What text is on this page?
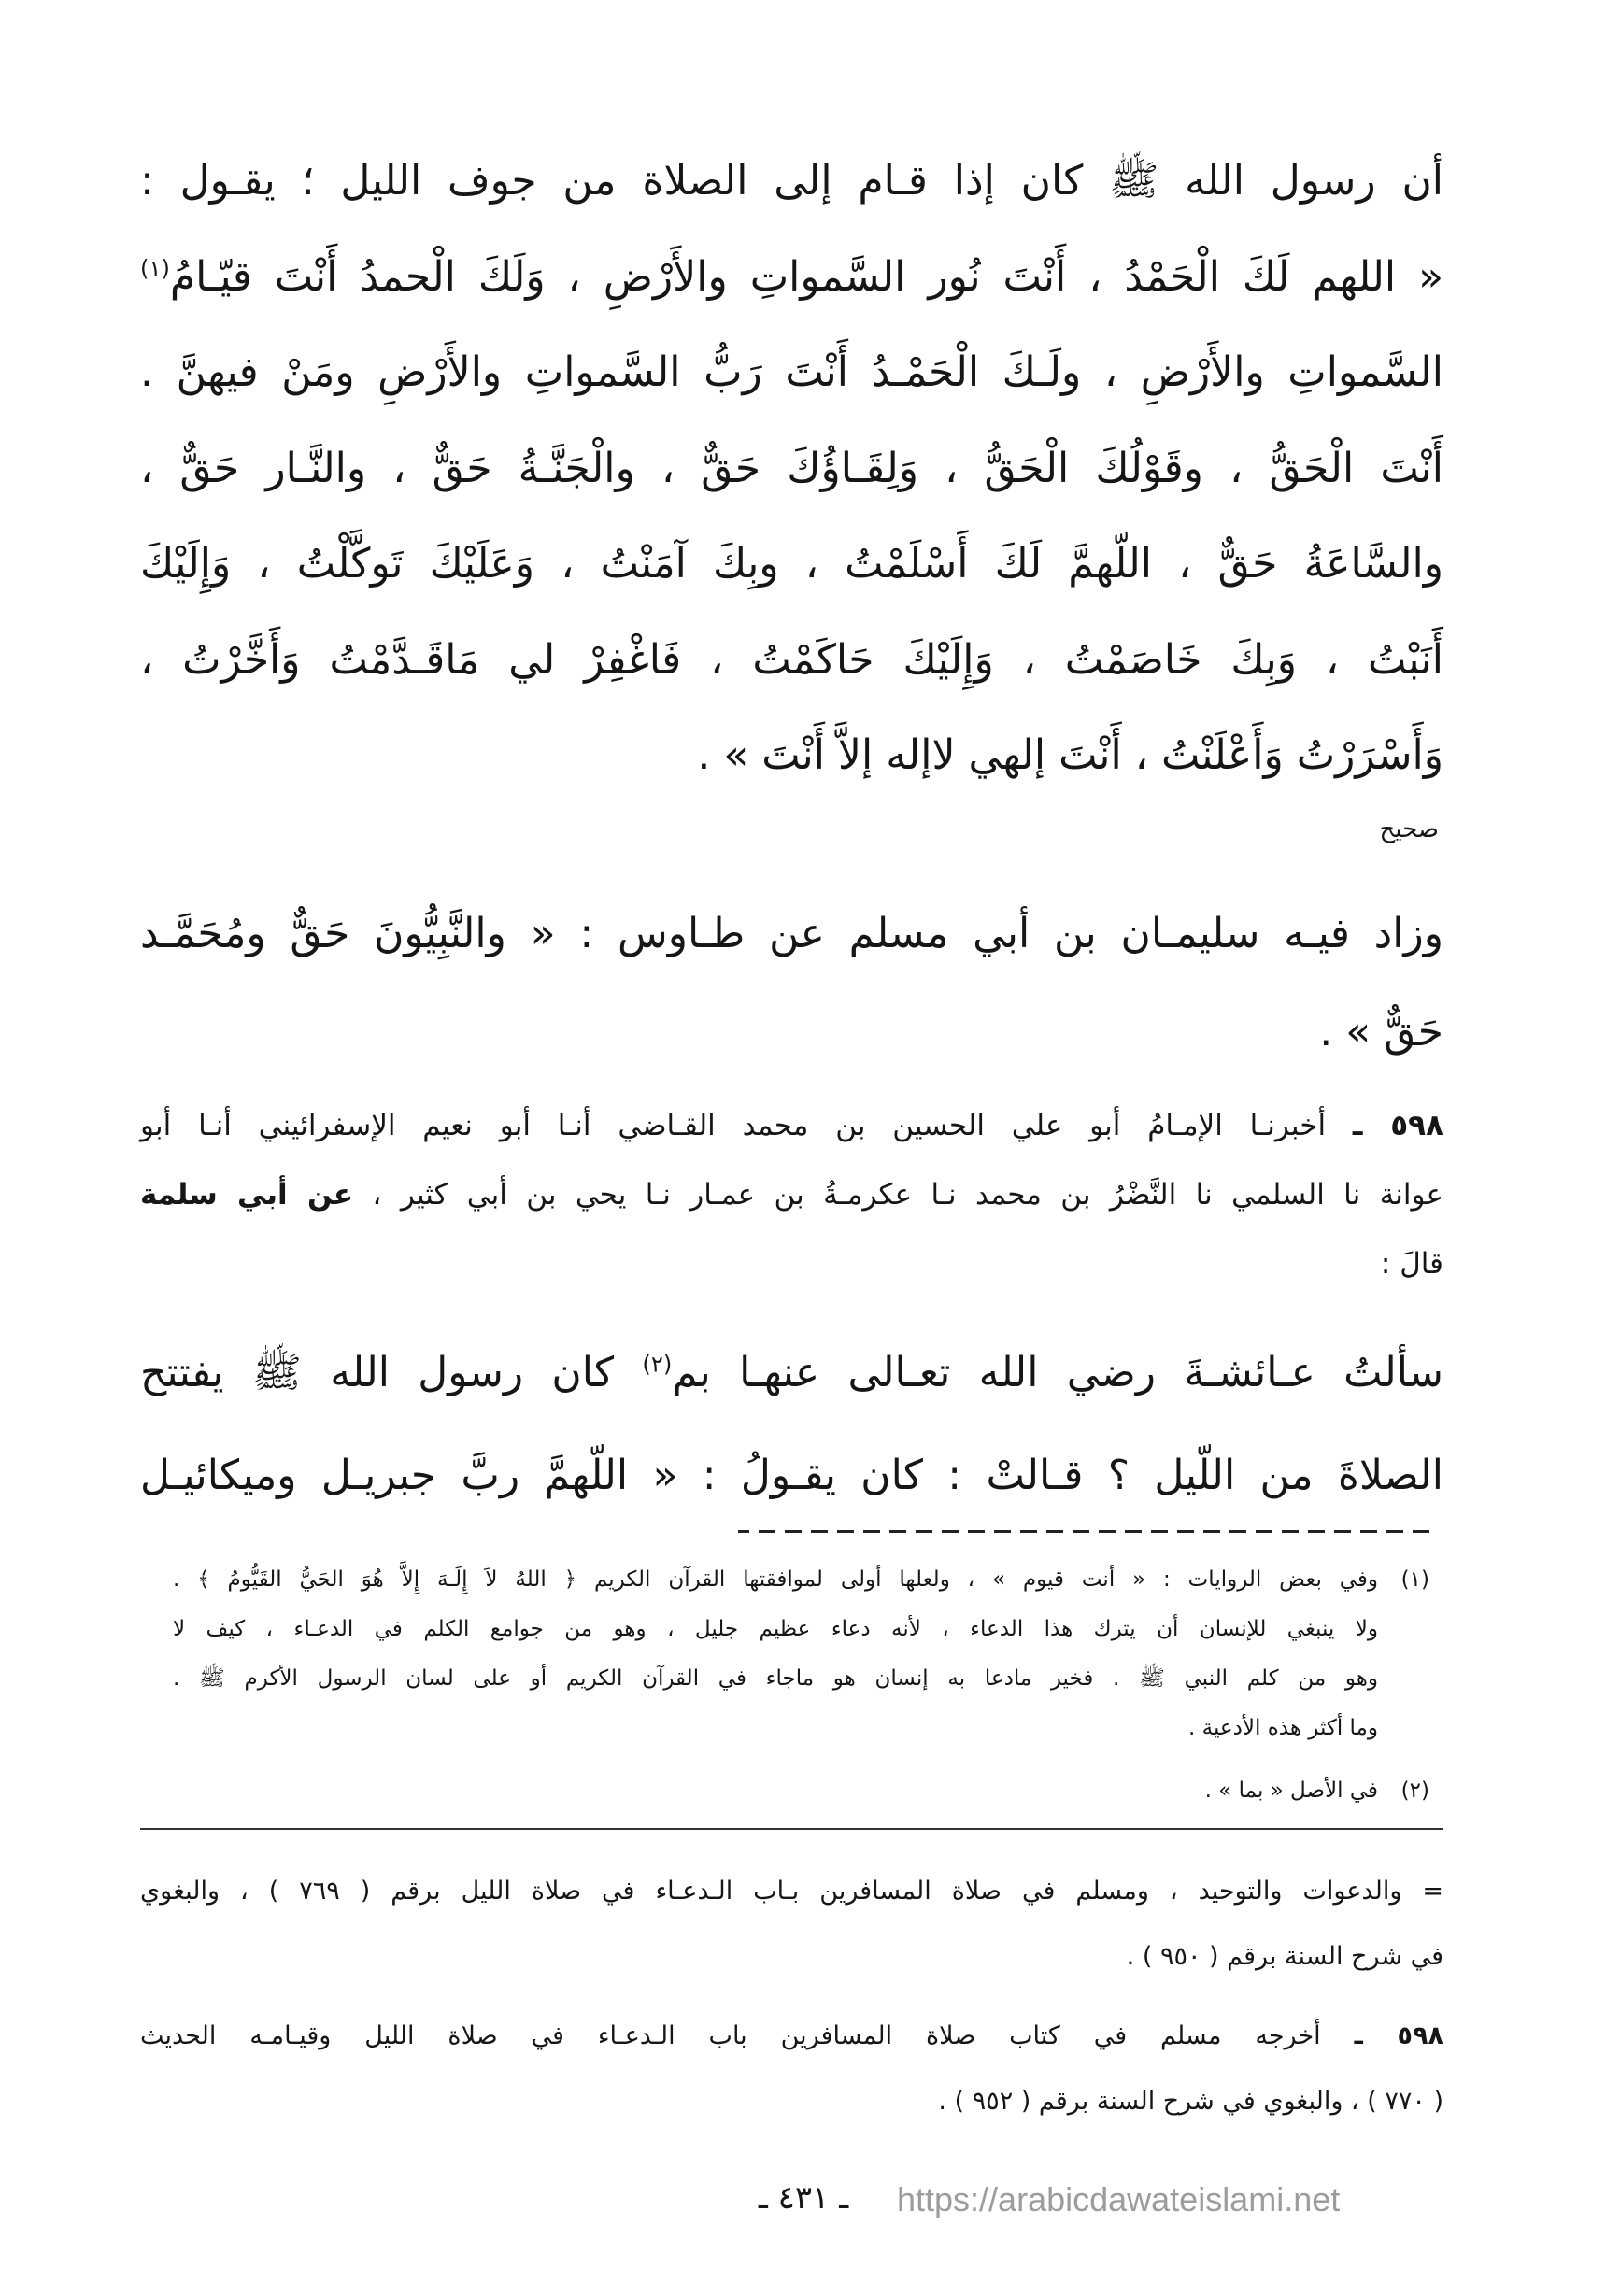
أن رسول الله ﷺ كان إذا قـام إلى الصلاة من جوف الليل ؛ يقـول :
« اللهم لَكَ الْحَمْدُ ، أَنْتَ نُور السَّمواتِ والأَرْضِ ، وَلَكَ الْحمدُ أَنْتَ قيّـامُ$^{(١)}$
السَّمواتِ والأَرْضِ ، ولَـكَ الْحَمْـدُ أَنْتَ رَبُّ السَّمواتِ والأَرْضِ ومَنْ فيهنَّ .
أَنْتَ الْحَقُّ ، وقَوْلُكَ الْحَقُّ ، وَلِقَـاؤُكَ حَقٌّ ، والْجَنَّـةُ حَقٌّ ، والنَّـار حَقٌّ ،
والسَّاعَةُ حَقٌّ ، اللّهمَّ لَكَ أَسْلَمْتُ ، وبِكَ آمَنْتُ ، وَعَلَيْكَ تَوكَّلْتُ ، وَإِلَيْكَ
أَنَبْتُ ، وَبِكَ خَاصَمْتُ ، وَإِلَيْكَ حَاكَمْتُ ، فَاغْفِرْ لي مَاقَـدَّمْتُ وَأَخَّرْتُ ،
وَأَسْرَرْتُ وَأَعْلَنْتُ ، أَنْتَ إلهي لاإله إلاَّ أَنْتَ » .
صحيح
وزاد فيـه سليمـان بن أبي مسلم عن طـاوس : « والنَّبِيُّونَ حَقٌّ ومُحَمَّـد
حَقٌّ » .
٥٩٨ ـ أخبرنـا الإمـامُ أبو علي الحسين بن محمد القـاضي أنـا أبو نعيم الإسفرائيني أنـا أبو
عوانة نا السلمي نا النَّضْرُ بن محمد نـا عكرمـةُ بن عمـار نـا يحي بن أبي كثير ، عن أبي سلمة
قالَ :
سألتُ عـائشـةَ رضي الله تعـالى عنهـا بم$^{(٢)}$ كان رسول الله ﷺ يفتتح
الصلاةَ من اللّيل ؟ قـالتْ : كان يقـولُ : « اللّهمَّ ربَّ جبريـل وميكائيـل
(١)
وفي بعض الروايات : « أنت قيوم » ، ولعلها أولى لموافقتها القرآن الكريم ﴿ اللهُ لاَ إِلَـهَ إِلاَّ هُوَ الحَيُّ القَيُّومُ ﴾ .
ولا ينبغي للإنسان أن يترك هذا الدعاء ، لأنه دعاء عظيم جليل ، وهو من جوامع الكلم في الدعـاء ، كيف لا
وهو من كلم النبي ﷺ . فخير مادعا به إنسان هو ماجاء في القرآن الكريم أو على لسان الرسول الأكرم ﷺ .
وما أكثر هذه الأدعية .
(٢)
في الأصل « بما » .
= والدعوات والتوحيد ، ومسلم في صلاة المسافرين بـاب الـدعـاء في صلاة الليل برقم ( ٧٦٩ ) ، والبغوي
في شرح السنة برقم ( ٩٥٠ ) .
٥٩٨ ـ أخرجه مسلم في كتاب صلاة المسافرين باب الـدعـاء في صلاة الليل وقيـامـه الحديث
( ٧٧٠ ) ، والبغوي في شرح السنة برقم ( ٩٥٢ ) .
ـ ٤٣١ ـ	https://arabicdawateislami.net
